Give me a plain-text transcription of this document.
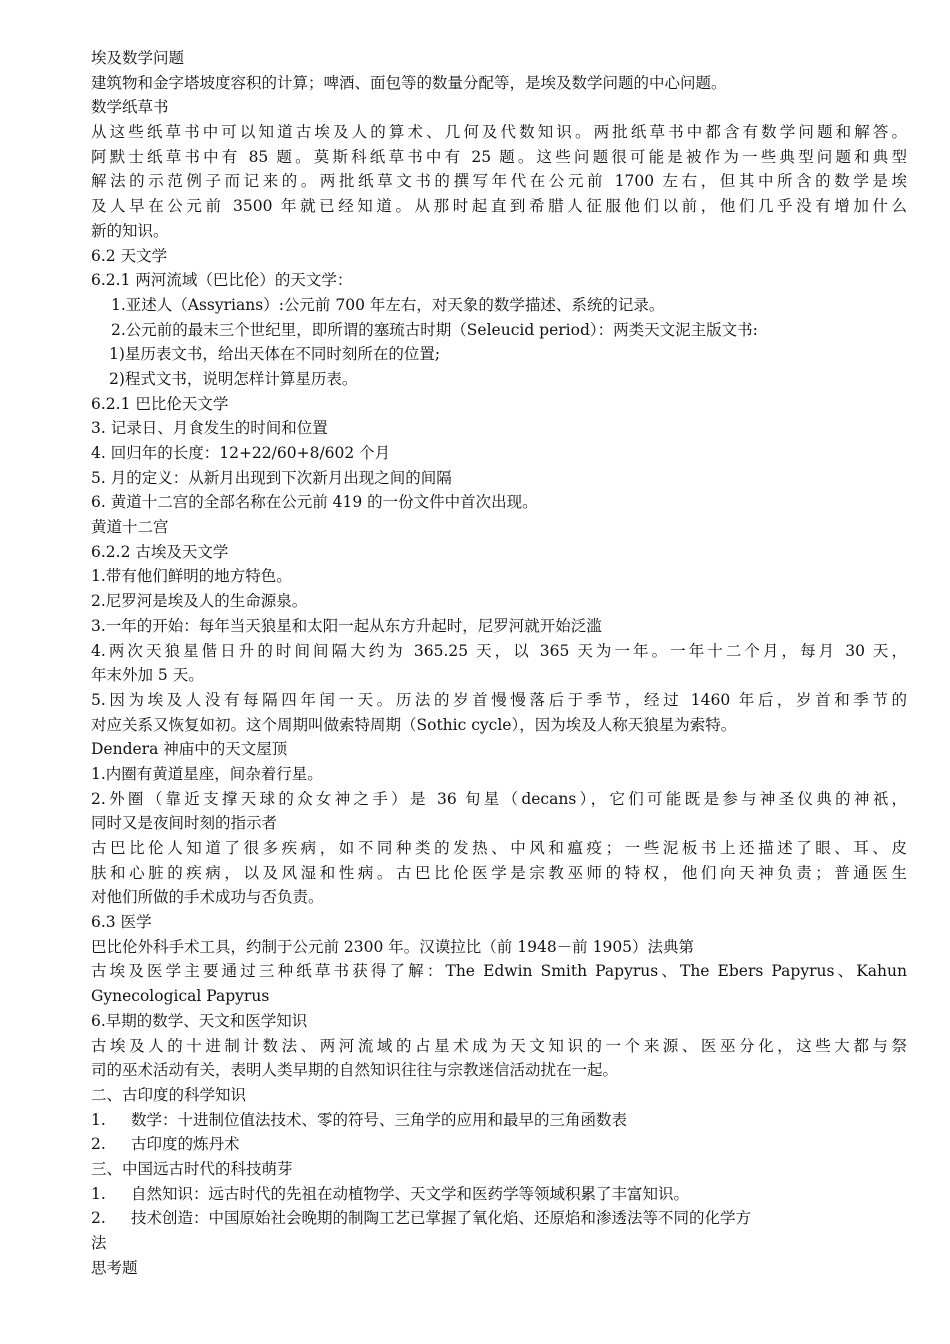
埃及数学问题
建筑物和金字塔坡度容积的计算；啤酒、面包等的数量分配等，是埃及数学问题的中心问题。
数学纸草书
从这些纸草书中可以知道古埃及人的算术、几何及代数知识。两批纸草书中都含有数学问题和解答。
阿默士纸草书中有 85 题。莫斯科纸草书中有 25 题。这些问题很可能是被作为一些典型问题和典型
解法的示范例子而记来的。两批纸草文书的撰写年代在公元前 1700 左右，但其中所含的数学是埃
及人早在公元前 3500 年就已经知道。从那时起直到希腊人征服他们以前，他们几乎没有增加什么
新的知识。
6.2 天文学
6.2.1 两河流域（巴比伦）的天文学：
1.亚述人（Assyrians）:公元前 700 年左右，对天象的数学描述、系统的记录。
2.公元前的最末三个世纪里，即所谓的塞琉古时期（Seleucid period）：两类天文泥主版文书:
1)星历表文书，给出天体在不同时刻所在的位置;
2)程式文书，说明怎样计算星历表。
6.2.1 巴比伦天文学
3. 记录日、月食发生的时间和位置
4. 回归年的长度：12+22/60+8/602 个月
5. 月的定义：从新月出现到下次新月出现之间的间隔
6. 黄道十二宫的全部名称在公元前 419 的一份文件中首次出现。
黄道十二宫
6.2.2 古埃及天文学
1.带有他们鲜明的地方特色。
2.尼罗河是埃及人的生命源泉。
3.一年的开始：每年当天狼星和太阳一起从东方升起时，尼罗河就开始泛滥
4.两次天狼星偕日升的时间间隔大约为 365.25 天，以 365 天为一年。一年十二个月，每月 30 天，
年末外加 5 天。
5.因为埃及人没有每隔四年闰一天。历法的岁首慢慢落后于季节，经过 1460 年后，岁首和季节的
对应关系又恢复如初。这个周期叫做索特周期（Sothic cycle），因为埃及人称天狼星为索特。
Dendera 神庙中的天文屋顶
1.内圈有黄道星座，间杂着行星。
2.外圈（靠近支撑天球的众女神之手）是 36 旬星（decans），它们可能既是参与神圣仪典的神祇，
同时又是夜间时刻的指示者
古巴比伦人知道了很多疾病，如不同种类的发热、中风和瘟疫；一些泥板书上还描述了眼、耳、皮
肤和心脏的疾病，以及风湿和性病。古巴比伦医学是宗教巫师的特权，他们向天神负责；普通医生
对他们所做的手术成功与否负责。
6.3 医学
巴比伦外科手术工具，约制于公元前 2300 年。汉谟拉比（前 1948－前 1905）法典第
古埃及医学主要通过三种纸草书获得了解：The Edwin Smith Papyrus、The Ebers Papyrus、Kahun
Gynecological Papyrus
6.早期的数学、天文和医学知识
古埃及人的十进制计数法、两河流域的占星术成为天文知识的一个来源、医巫分化，这些大都与祭
司的巫术活动有关，表明人类早期的自然知识往往与宗教迷信活动扰在一起。
二、古印度的科学知识
1. 数学：十进制位值法技术、零的符号、三角学的应用和最早的三角函数表
2. 古印度的炼丹术
三、中国远古时代的科技萌芽
1. 自然知识：远古时代的先祖在动植物学、天文学和医药学等领域积累了丰富知识。
2. 技术创造：中国原始社会晚期的制陶工艺已掌握了氧化焰、还原焰和渗透法等不同的化学方
法
思考题
